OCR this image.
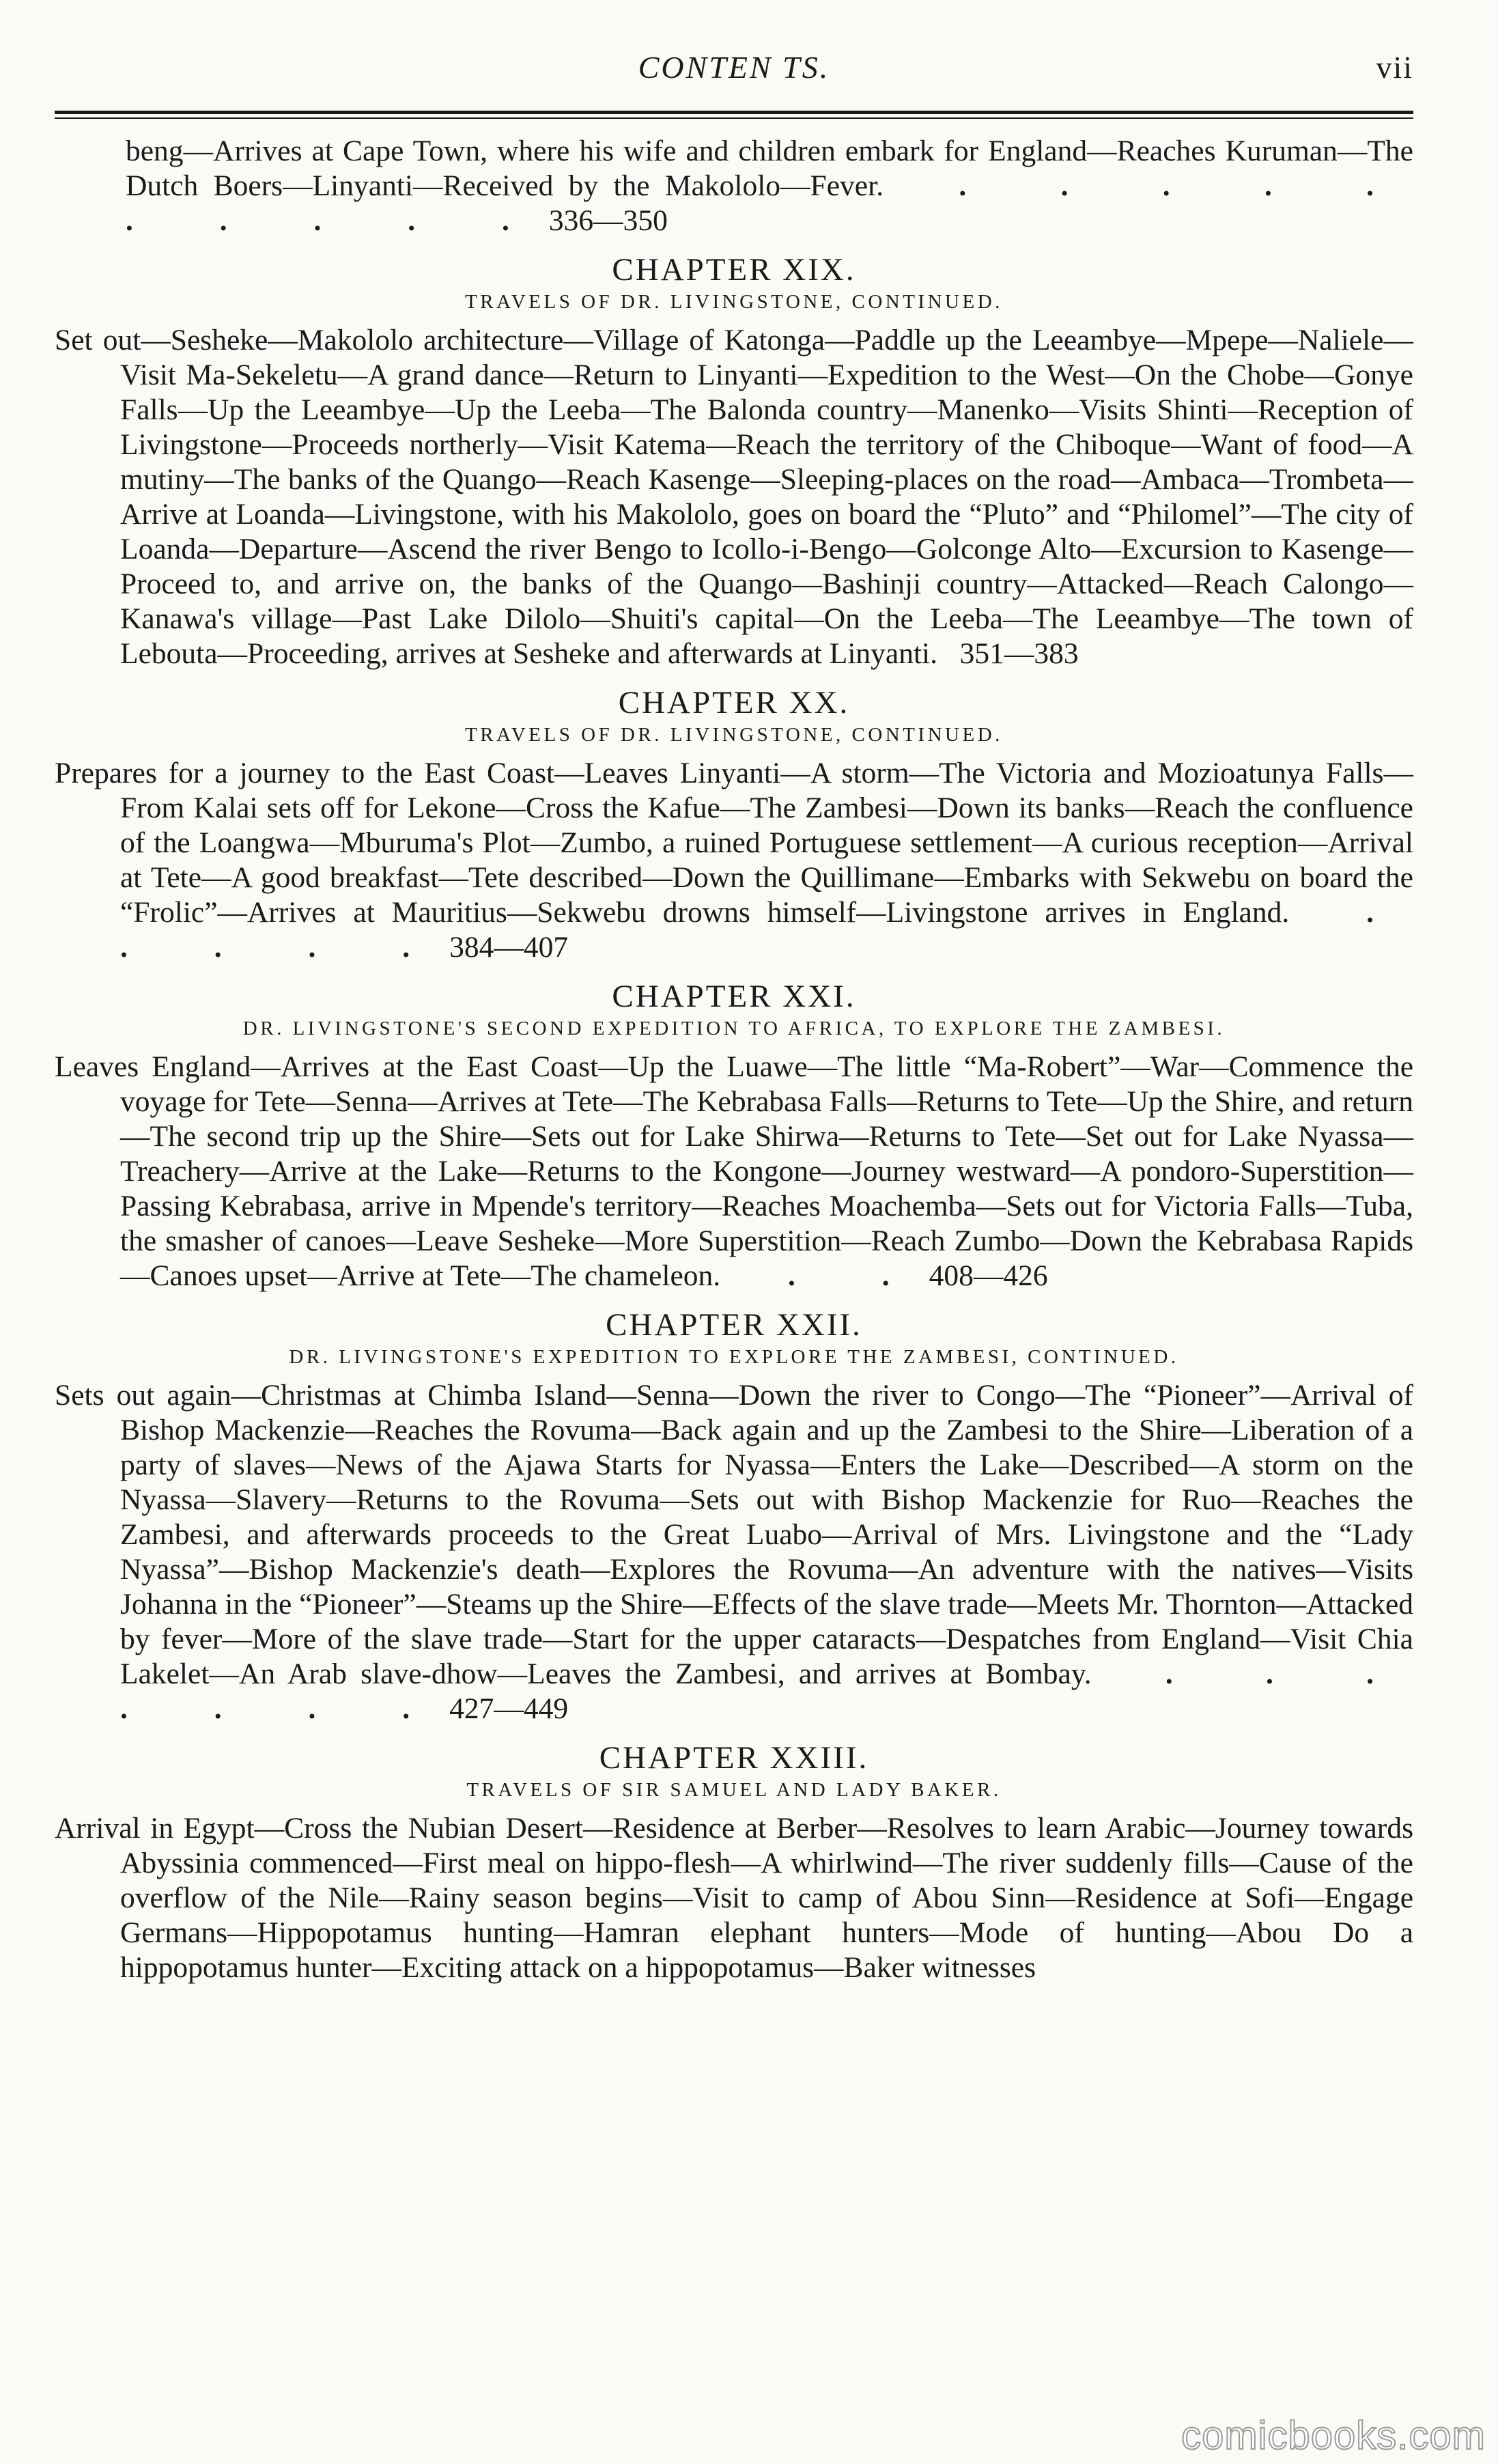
CONTEN TS.	vii
beng—Arrives at Cape Town, where his wife and children embark for England—Reaches Kuruman—The Dutch Boers—Linyanti—Received by the Makololo—Fever. . . . . . . . . . .336—350
CHAPTER XIX.
TRAVELS OF DR. LIVINGSTONE, CONTINUED.
Set out—Sesheke—Makololo architecture—Village of Katonga—Paddle up the Leeambye—Mpepe—Naliele—Visit Ma-Sekeletu—A grand dance—Return to Linyanti—Expedition to the West—On the Chobe—Gonye Falls—Up the Leeambye—Up the Leeba—The Balonda country—Manenko—Visits Shinti—Reception of Livingstone—Proceeds northerly—Visit Katema—Reach the territory of the Chiboque—Want of food—A mutiny—The banks of the Quango—Reach Kasenge—Sleeping-places on the road—Ambaca—Trombeta—Arrive at Loanda—Livingstone, with his Makololo, goes on board the “Pluto” and “Philomel”—The city of Loanda—Departure—Ascend the river Bengo to Icollo-i-Bengo—Golconge Alto—Excursion to Kasenge—Proceed to, and arrive on, the banks of the Quango—Bashinji country—Attacked—Reach Calongo—Kanawa's village—Past Lake Dilolo—Shuiti's capital—On the Leeba—The Leeambye—The town of Lebouta—Proceeding, arrives at Sesheke and afterwards at Linyanti. 351—383
CHAPTER XX.
TRAVELS OF DR. LIVINGSTONE, CONTINUED.
Prepares for a journey to the East Coast—Leaves Linyanti—A storm—The Victoria and Mozioatunya Falls—From Kalai sets off for Lekone—Cross the Kafue—The Zambesi—Down its banks—Reach the confluence of the Loangwa—Mburuma's Plot—Zumbo, a ruined Portuguese settlement—A curious reception—Arrival at Tete—A good breakfast—Tete described—Down the Quillimane—Embarks with Sekwebu on board the “Frolic”—Arrives at Mauritius—Sekwebu drowns himself—Livingstone arrives in England. . . . . .384—407
CHAPTER XXI.
DR. LIVINGSTONE'S SECOND EXPEDITION TO AFRICA, TO EXPLORE THE ZAMBESI.
Leaves England—Arrives at the East Coast—Up the Luawe—The little “Ma-Robert”—War—Commence the voyage for Tete—Senna—Arrives at Tete—The Kebrabasa Falls—Returns to Tete—Up the Shire, and return—The second trip up the Shire—Sets out for Lake Shirwa—Returns to Tete—Set out for Lake Nyassa—Treachery—Arrive at the Lake—Returns to the Kongone—Journey westward—A pondoro-Superstition—Passing Kebrabasa, arrive in Mpende's territory—Reaches Moachemba—Sets out for Victoria Falls—Tuba, the smasher of canoes—Leave Sesheke—More Superstition—Reach Zumbo—Down the Kebrabasa Rapids—Canoes upset—Arrive at Tete—The chameleon. . .408—426
CHAPTER XXII.
DR. LIVINGSTONE'S EXPEDITION TO EXPLORE THE ZAMBESI, CONTINUED.
Sets out again—Christmas at Chimba Island—Senna—Down the river to Congo—The “Pioneer”—Arrival of Bishop Mackenzie—Reaches the Rovuma—Back again and up the Zambesi to the Shire—Liberation of a party of slaves—News of the Ajawa Starts for Nyassa—Enters the Lake—Described—A storm on the Nyassa—Slavery—Returns to the Rovuma—Sets out with Bishop Mackenzie for Ruo—Reaches the Zambesi, and afterwards proceeds to the Great Luabo—Arrival of Mrs. Livingstone and the “Lady Nyassa”—Bishop Mackenzie's death—Explores the Rovuma—An adventure with the natives—Visits Johanna in the “Pioneer”—Steams up the Shire—Effects of the slave trade—Meets Mr. Thornton—Attacked by fever—More of the slave trade—Start for the upper cataracts—Despatches from England—Visit Chia Lakelet—An Arab slave-dhow—Leaves the Zambesi, and arrives at Bombay. . . . . . . .427—449
CHAPTER XXIII.
TRAVELS OF SIR SAMUEL AND LADY BAKER.
Arrival in Egypt—Cross the Nubian Desert—Residence at Berber—Resolves to learn Arabic—Journey towards Abyssinia commenced—First meal on hippo-flesh—A whirlwind—The river suddenly fills—Cause of the overflow of the Nile—Rainy season begins—Visit to camp of Abou Sinn—Residence at Sofi—Engage Germans—Hippopotamus hunting—Hamran elephant hunters—Mode of hunting—Abou Do a hippopotamus hunter—Exciting attack on a hippopotamus—Baker witnesses
comicbooks.com
